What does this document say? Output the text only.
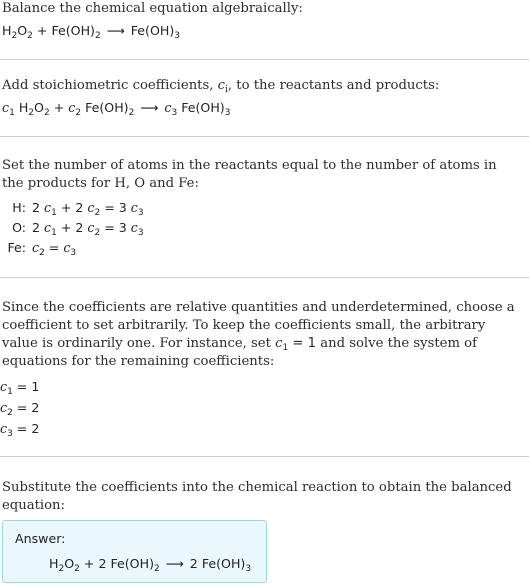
Balance the chemical equation algebraically:
$H_2O_2 + Fe(OH)_2$ ⟶ $Fe(OH)_3$
Add stoichiometric coefficients, $c_i$, to the reactants and products:
$c_1$ $H_2O_2 + c_2$ $Fe(OH)_2$ ⟶ $c_3$ $Fe(OH)_3$
Set the number of atoms in the reactants equal to the number of atoms in the products for H, O and Fe:
H: 2 $c_1 + 2$ $c_2 = 3$ $c_3$
O: 2 $c_1 + 2$ $c_2 = 3$ $c_3$
Fe: $c_2 = c_3$
Since the coefficients are relative quantities and underdetermined, choose a coefficient to set arbitrarily. To keep the coefficients small, the arbitrary value is ordinarily one. For instance, set $c_1 = 1$ and solve the system of equations for the remaining coefficients:
$c_1 = 1$
$c_2 = 2$
$c_3 = 2$
Substitute the coefficients into the chemical reaction to obtain the balanced equation:
Answer:
$H_2O_2 + 2$ $Fe(OH)_2$ ⟶ 2 $Fe(OH)_3$
